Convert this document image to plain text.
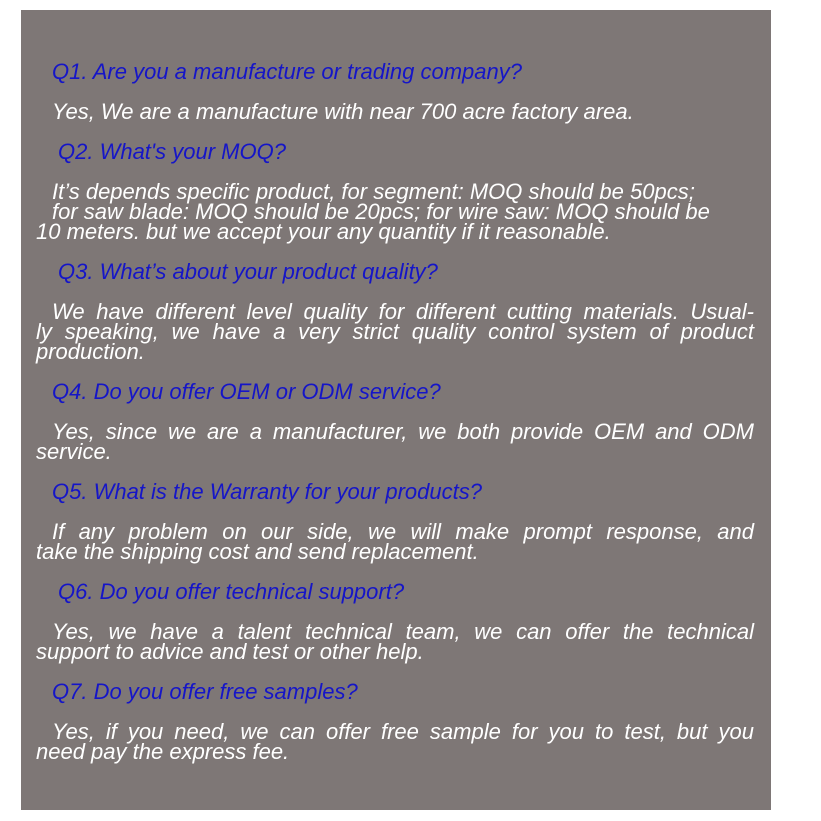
Q1. Are you a manufacture or trading company?
Yes, We are a manufacture with near 700 acre factory area.
Q2. What's your MOQ?
It’s depends specific product, for segment: MOQ should be 50pcs;
for saw blade: MOQ should be 20pcs; for wire saw: MOQ should be
10 meters. but we accept your any quantity if it reasonable.
Q3. What’s about your product quality?
We have different level quality for different cutting materials. Usual-
ly speaking, we have a very strict quality control system of product
production.
Q4. Do you offer OEM or ODM service?
Yes, since we are a manufacturer, we both provide OEM and ODM
service.
Q5. What is the Warranty for your products?
If any problem on our side, we will make prompt response, and
take the shipping cost and send replacement.
Q6. Do you offer technical support?
Yes, we have a talent technical team, we can offer the technical
support to advice and test or other help.
Q7. Do you offer free samples?
Yes, if you need, we can offer free sample for you to test, but you
need pay the express fee.
